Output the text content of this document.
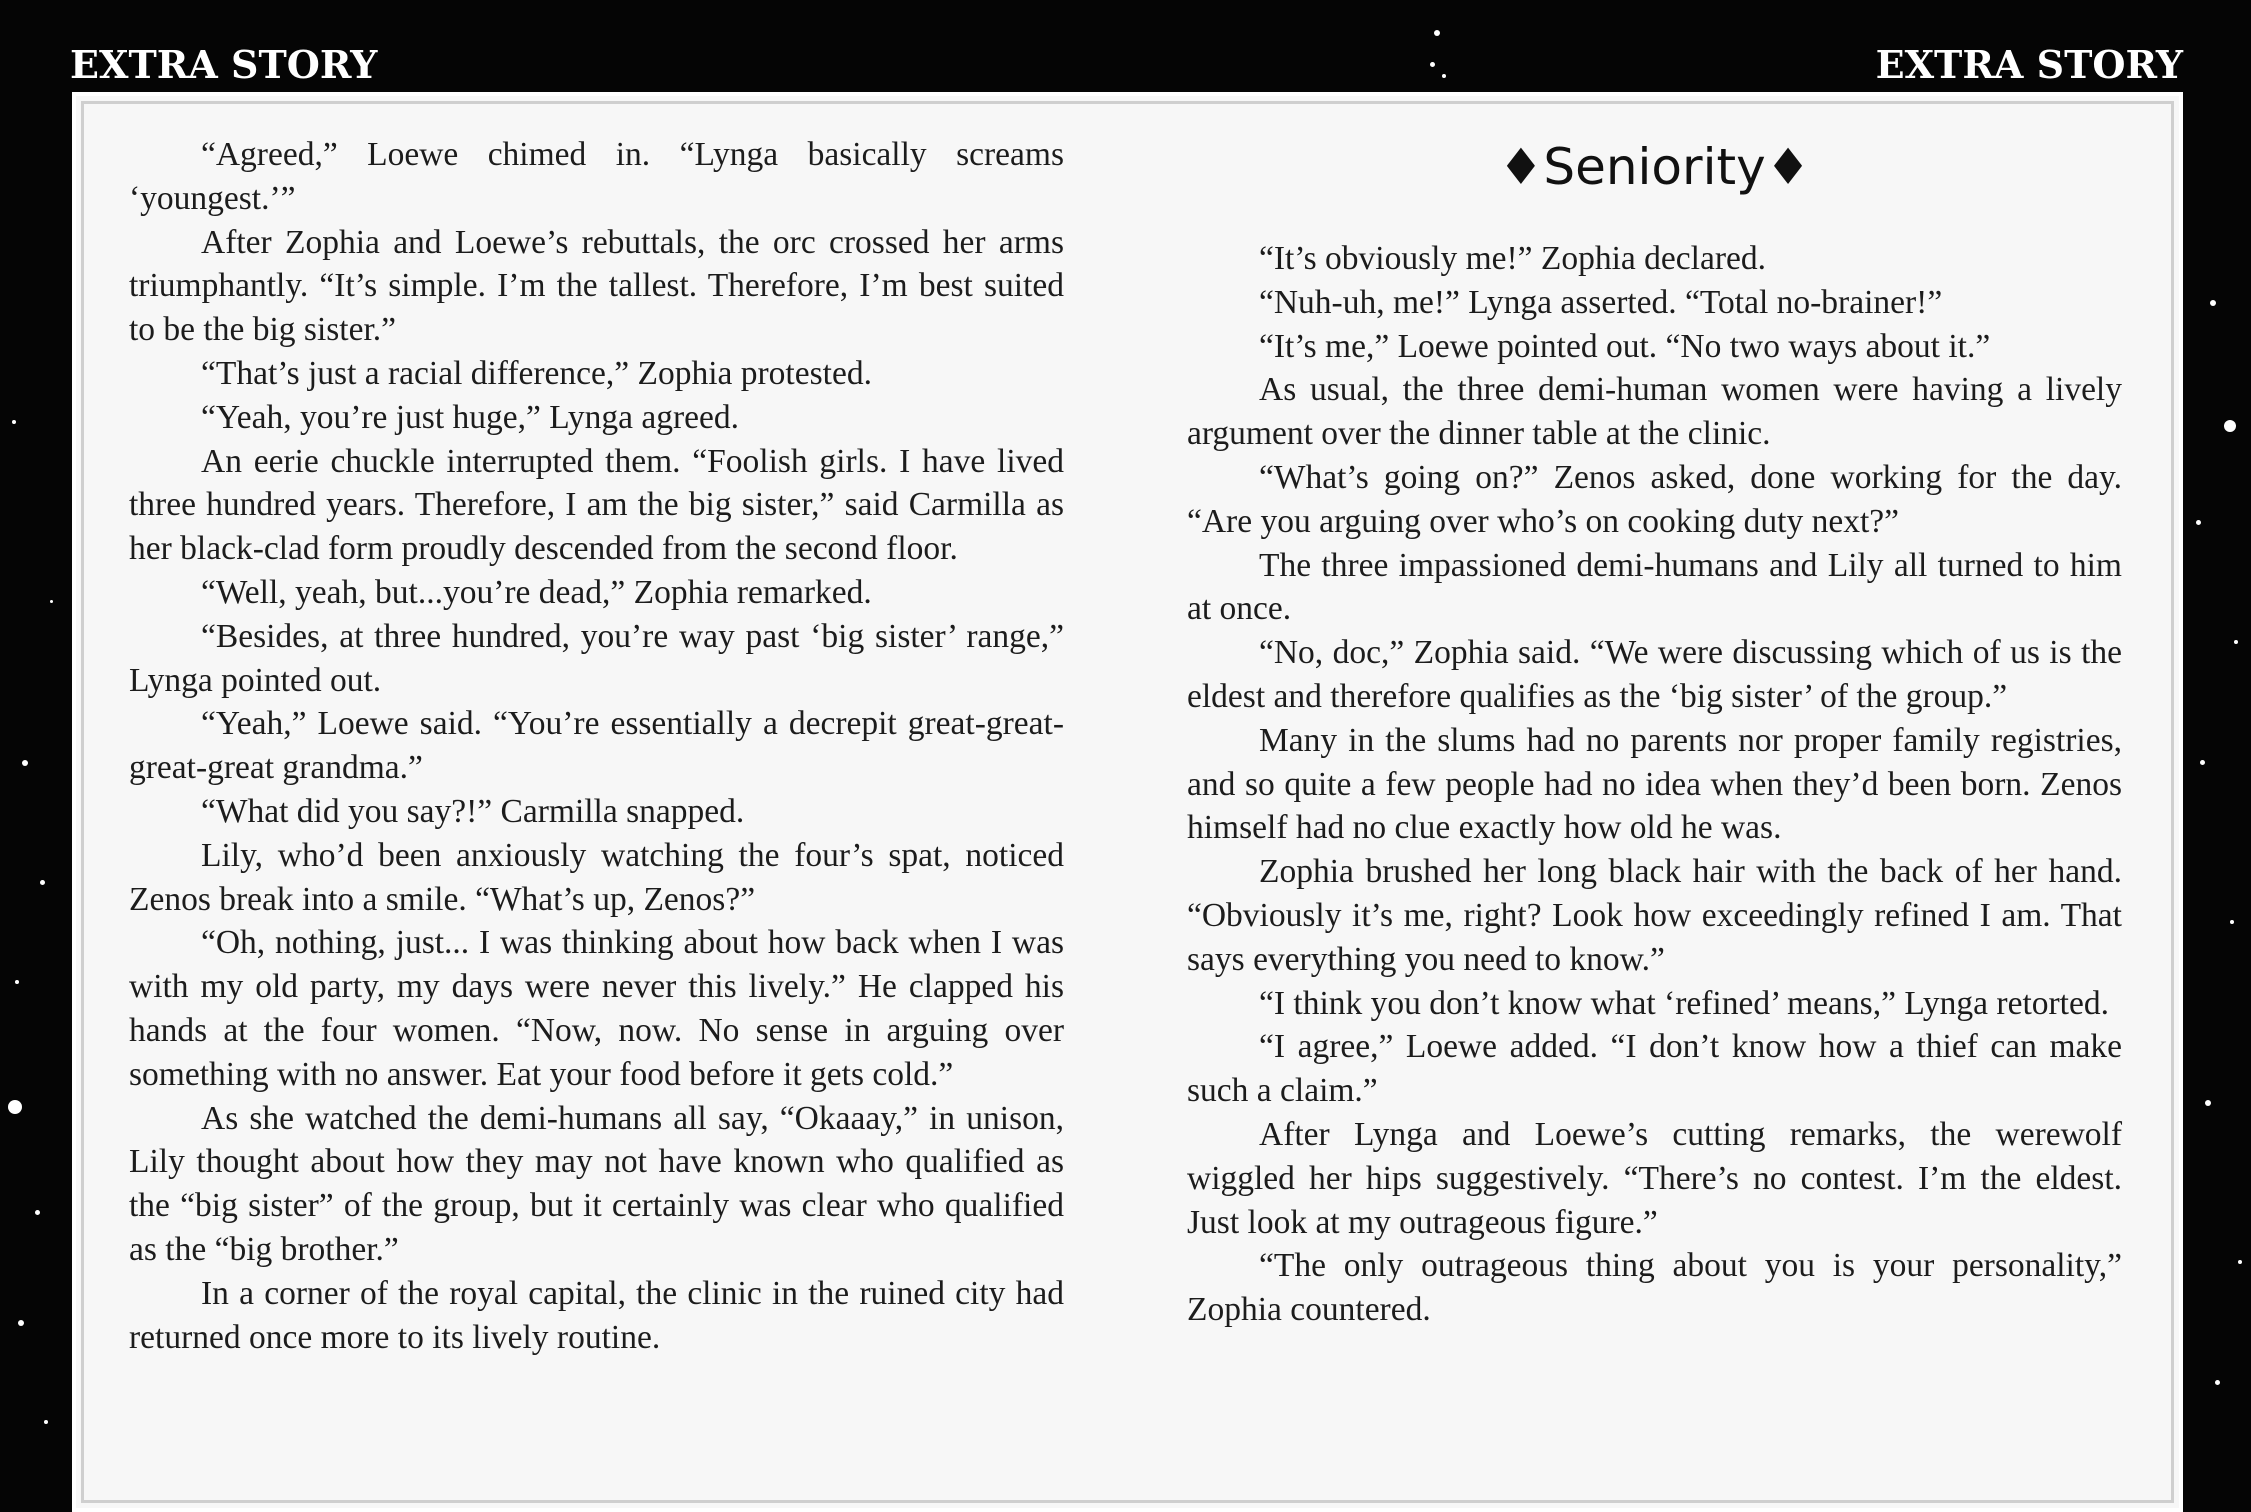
EXTRA STORY	EXTRA STORY

“Agreed,” Loewe chimed in. “Lynga basically screams ‘youngest.’”

After Zophia and Loewe’s rebuttals, the orc crossed her arms triumphantly. “It’s simple. I’m the tallest. Therefore, I’m best suited to be the big sister.”

“That’s just a racial difference,” Zophia protested.

“Yeah, you’re just huge,” Lynga agreed.

An eerie chuckle interrupted them. “Foolish girls. I have lived three hundred years. Therefore, I am the big sister,” said Carmilla as her black-clad form proudly descended from the second floor.

“Well, yeah, but...you’re dead,” Zophia remarked.

“Besides, at three hundred, you’re way past ‘big sister’ range,” Lynga pointed out.

“Yeah,” Loewe said. “You’re essentially a decrepit great-great-great-great grandma.”

“What did you say?!” Carmilla snapped.

Lily, who’d been anxiously watching the four’s spat, noticed Zenos break into a smile. “What’s up, Zenos?”

“Oh, nothing, just... I was thinking about how back when I was with my old party, my days were never this lively.” He clapped his hands at the four women. “Now, now. No sense in arguing over something with no answer. Eat your food before it gets cold.”

As she watched the demi-humans all say, “Okaaay,” in unison, Lily thought about how they may not have known who qualified as the “big sister” of the group, but it certainly was clear who qualified as the “big brother.”

In a corner of the royal capital, the clinic in the ruined city had returned once more to its lively routine.

♦Seniority♦

“It’s obviously me!” Zophia declared.

“Nuh-uh, me!” Lynga asserted. “Total no-brainer!”

“It’s me,” Loewe pointed out. “No two ways about it.”

As usual, the three demi-human women were having a lively argument over the dinner table at the clinic.

“What’s going on?” Zenos asked, done working for the day. “Are you arguing over who’s on cooking duty next?”

The three impassioned demi-humans and Lily all turned to him at once.

“No, doc,” Zophia said. “We were discussing which of us is the eldest and therefore qualifies as the ‘big sister’ of the group.”

Many in the slums had no parents nor proper family registries, and so quite a few people had no idea when they’d been born. Zenos himself had no clue exactly how old he was.

Zophia brushed her long black hair with the back of her hand. “Obviously it’s me, right? Look how exceedingly refined I am. That says everything you need to know.”

“I think you don’t know what ‘refined’ means,” Lynga retorted.

“I agree,” Loewe added. “I don’t know how a thief can make such a claim.”

After Lynga and Loewe’s cutting remarks, the werewolf wiggled her hips suggestively. “There’s no contest. I’m the eldest. Just look at my outrageous figure.”

“The only outrageous thing about you is your personality,” Zophia countered.
